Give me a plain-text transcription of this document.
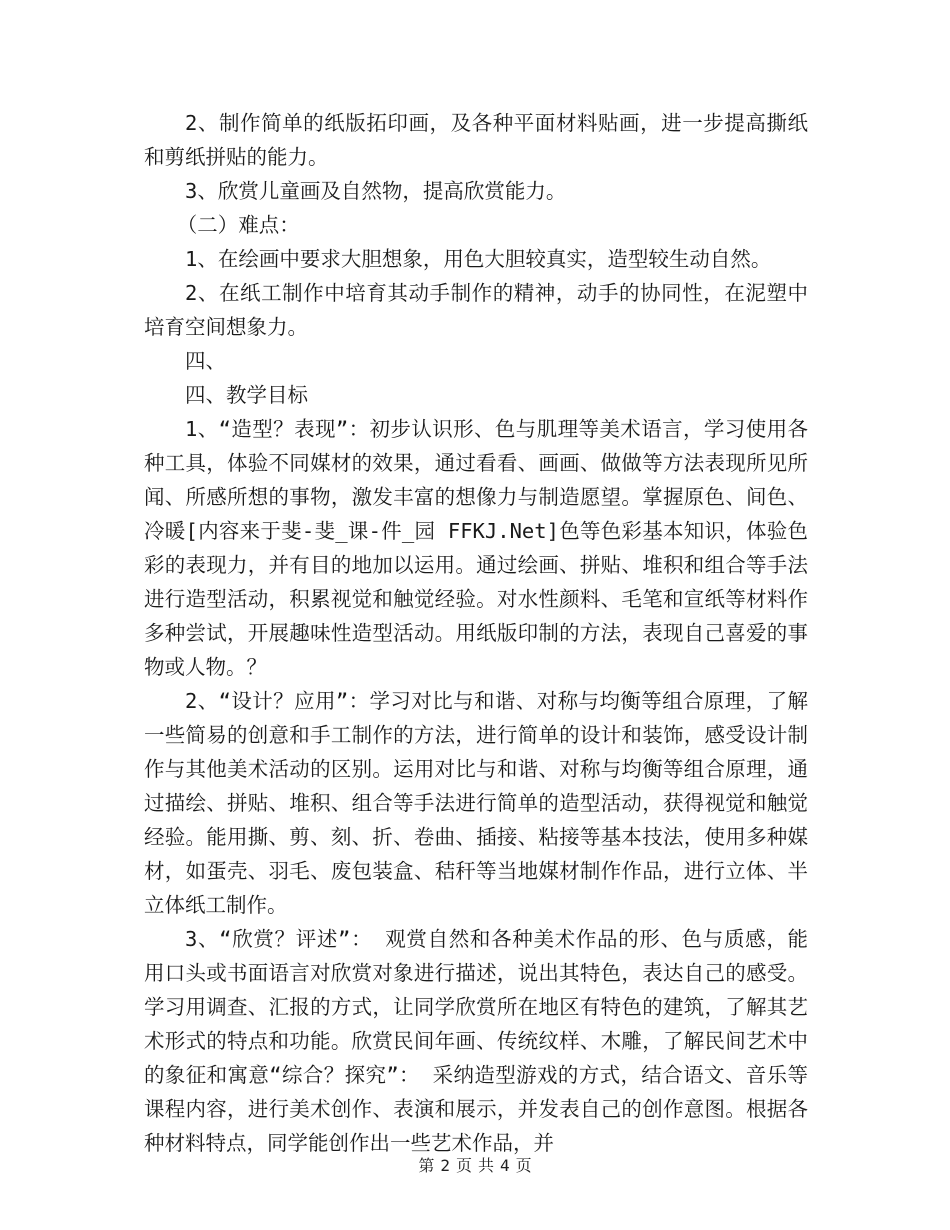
2、制作简单的纸版拓印画，及各种平面材料贴画，进一步提高撕纸和剪纸拼贴的能力。

3、欣赏儿童画及自然物，提高欣赏能力。

（二）难点：

1、在绘画中要求大胆想象，用色大胆较真实，造型较生动自然。

2、在纸工制作中培育其动手制作的精神，动手的协同性，在泥塑中培育空间想象力。

四、

四、教学目标

1、“造型？表现”：初步认识形、色与肌理等美术语言，学习使用各种工具，体验不同媒材的效果，通过看看、画画、做做等方法表现所见所闻、所感所想的事物，激发丰富的想像力与制造愿望。掌握原色、间色、冷暖[内容来于斐-斐_课-件_园 FFKJ.Net]色等色彩基本知识，体验色彩的表现力，并有目的地加以运用。通过绘画、拼贴、堆积和组合等手法进行造型活动，积累视觉和触觉经验。对水性颜料、毛笔和宣纸等材料作多种尝试，开展趣味性造型活动。用纸版印制的方法，表现自己喜爱的事物或人物。？

2、“设计？应用”：学习对比与和谐、对称与均衡等组合原理，了解一些简易的创意和手工制作的方法，进行简单的设计和装饰，感受设计制作与其他美术活动的区别。运用对比与和谐、对称与均衡等组合原理，通过描绘、拼贴、堆积、组合等手法进行简单的造型活动，获得视觉和触觉经验。能用撕、剪、刻、折、卷曲、插接、粘接等基本技法，使用多种媒材，如蛋壳、羽毛、废包装盒、秸秆等当地媒材制作作品，进行立体、半立体纸工制作。

3、“欣赏？评述”： 观赏自然和各种美术作品的形、色与质感，能用口头或书面语言对欣赏对象进行描述，说出其特色，表达自己的感受。学习用调查、汇报的方式，让同学欣赏所在地区有特色的建筑，了解其艺术形式的特点和功能。欣赏民间年画、传统纹样、木雕，了解民间艺术中的象征和寓意“综合？探究”： 采纳造型游戏的方式，结合语文、音乐等课程内容，进行美术创作、表演和展示，并发表自己的创作意图。根据各种材料特点，同学能创作出一些艺术作品，并

第 2 页 共 4 页
